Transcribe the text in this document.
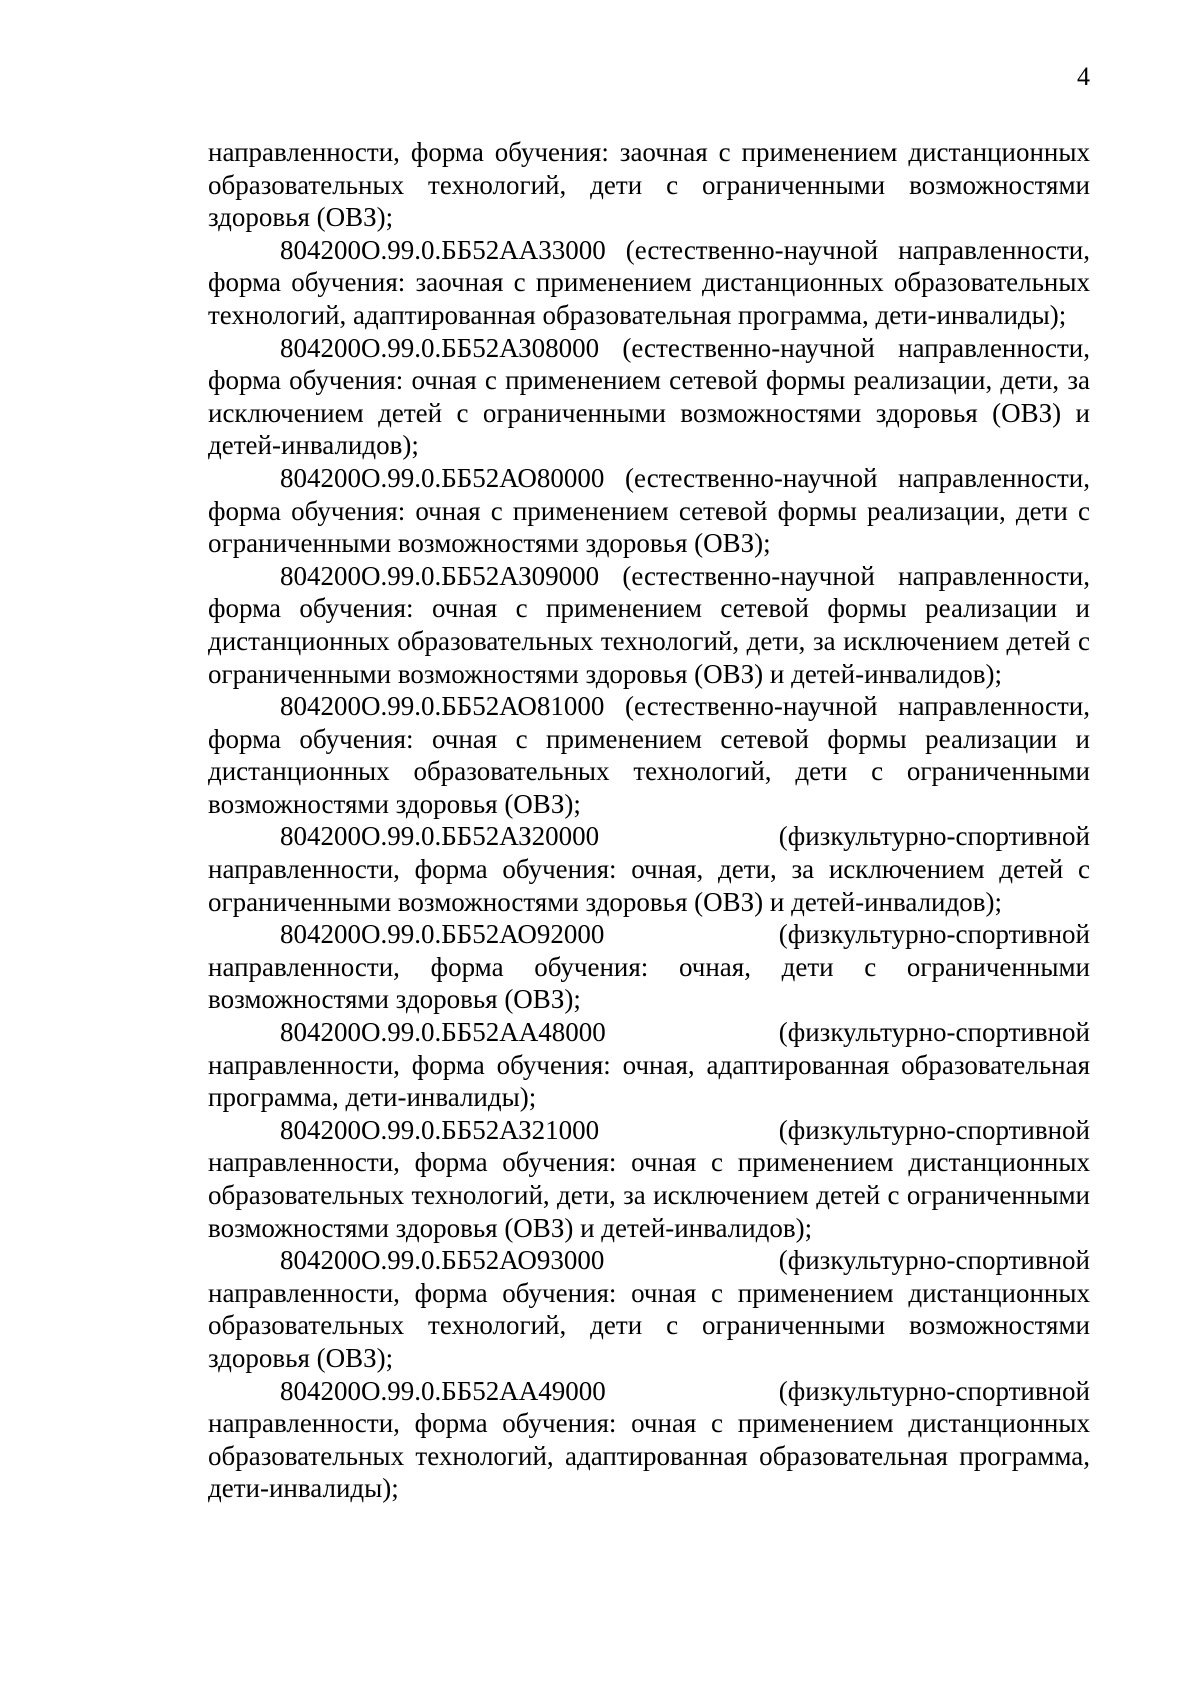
4

направленности, форма обучения: заочная с применением дистанционных образовательных технологий, дети с ограниченными возможностями здоровья (ОВЗ);

804200О.99.0.ББ52АА33000 (естественно-научной направленности, форма обучения: заочная с применением дистанционных образовательных технологий, адаптированная образовательная программа, дети-инвалиды);

804200О.99.0.ББ52АЗ08000 (естественно-научной направленности, форма обучения: очная с применением сетевой формы реализации, дети, за исключением детей с ограниченными возможностями здоровья (ОВЗ) и детей-инвалидов);

804200О.99.0.ББ52АО80000 (естественно-научной направленности, форма обучения: очная с применением сетевой формы реализации, дети с ограниченными возможностями здоровья (ОВЗ);

804200О.99.0.ББ52АЗ09000 (естественно-научной направленности, форма обучения: очная с применением сетевой формы реализации и дистанционных образовательных технологий, дети, за исключением детей с ограниченными возможностями здоровья (ОВЗ) и детей-инвалидов);

804200О.99.0.ББ52АО81000 (естественно-научной направленности, форма обучения: очная с применением сетевой формы реализации и дистанционных образовательных технологий, дети с ограниченными возможностями здоровья (ОВЗ);

804200О.99.0.ББ52АЗ20000 (физкультурно-спортивной направленности, форма обучения: очная, дети, за исключением детей с ограниченными возможностями здоровья (ОВЗ) и детей-инвалидов);

804200О.99.0.ББ52АО92000 (физкультурно-спортивной направленности, форма обучения: очная, дети с ограниченными возможностями здоровья (ОВЗ);

804200О.99.0.ББ52АА48000 (физкультурно-спортивной направленности, форма обучения: очная, адаптированная образовательная программа, дети-инвалиды);

804200О.99.0.ББ52АЗ21000 (физкультурно-спортивной направленности, форма обучения: очная с применением дистанционных образовательных технологий, дети, за исключением детей с ограниченными возможностями здоровья (ОВЗ) и детей-инвалидов);

804200О.99.0.ББ52АО93000 (физкультурно-спортивной направленности, форма обучения: очная с применением дистанционных образовательных технологий, дети с ограниченными возможностями здоровья (ОВЗ);

804200О.99.0.ББ52АА49000 (физкультурно-спортивной направленности, форма обучения: очная с применением дистанционных образовательных технологий, адаптированная образовательная программа, дети-инвалиды);
